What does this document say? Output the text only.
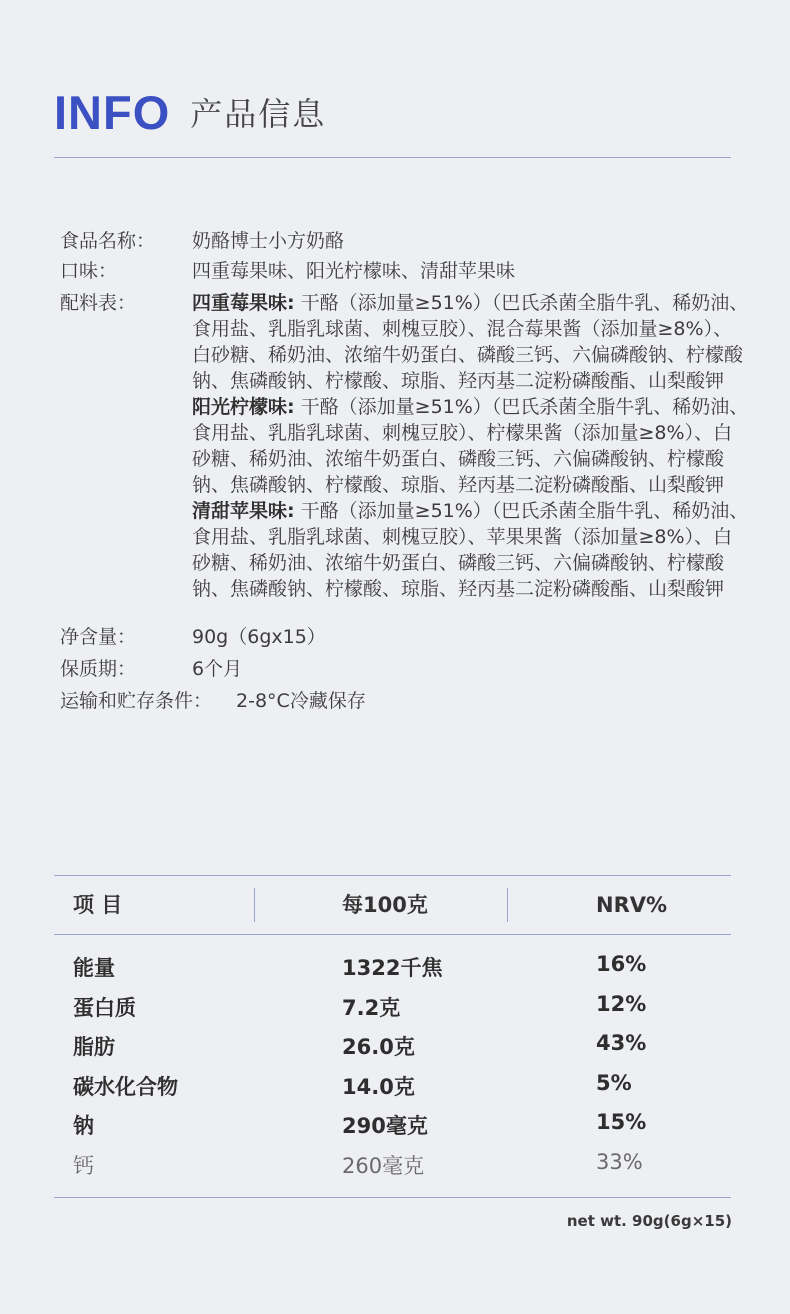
INFO 产品信息
食品名称：	奶酪博士小方奶酪
口味：	四重莓果味、阳光柠檬味、清甜苹果味
配料表：	四重莓果味: 干酪（添加量≥51%）（巴氏杀菌全脂牛乳、稀奶油、食用盐、乳脂乳球菌、刺槐豆胶）、混合莓果酱（添加量≥8%）、白砂糖、稀奶油、浓缩牛奶蛋白、磷酸三钙、六偏磷酸钠、柠檬酸钠、焦磷酸钠、柠檬酸、琼脂、羟丙基二淀粉磷酸酯、山梨酸钾

阳光柠檬味: 干酪（添加量≥51%）（巴氏杀菌全脂牛乳、稀奶油、食用盐、乳脂乳球菌、刺槐豆胶）、柠檬果酱（添加量≥8%）、白砂糖、稀奶油、浓缩牛奶蛋白、磷酸三钙、六偏磷酸钠、柠檬酸钠、焦磷酸钠、柠檬酸、琼脂、羟丙基二淀粉磷酸酯、山梨酸钾

清甜苹果味: 干酪（添加量≥51%）（巴氏杀菌全脂牛乳、稀奶油、食用盐、乳脂乳球菌、刺槐豆胶）、苹果果酱（添加量≥8%）、白砂糖、稀奶油、浓缩牛奶蛋白、磷酸三钙、六偏磷酸钠、柠檬酸钠、焦磷酸钠、柠檬酸、琼脂、羟丙基二淀粉磷酸酯、山梨酸钾

净含量：	90g（6gx15）
保质期：	6个月
运输和贮存条件： 2-8°C冷藏保存
项 目	每100克	NRV%
能量	1322千焦	16%
蛋白质	7.2克	12%
脂肪	26.0克	43%
碳水化合物	14.0克	5%
钠	290毫克	15%
钙	260毫克	33%
net wt. 90g(6g×15)
